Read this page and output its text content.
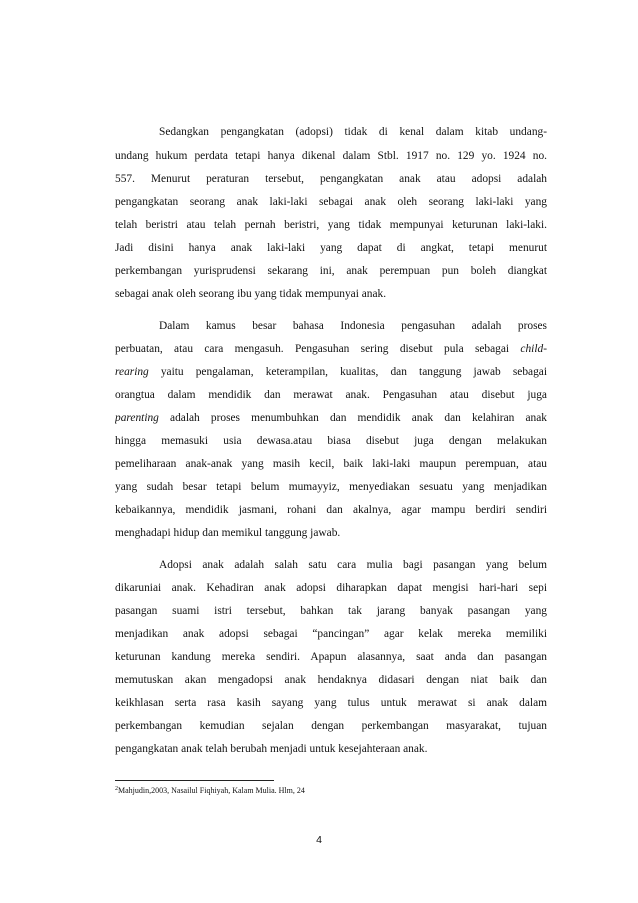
Sedangkan pengangkatan (adopsi) tidak di kenal dalam kitab undang-
undang hukum perdata tetapi hanya dikenal dalam Stbl. 1917 no. 129 yo. 1924 no.
557. Menurut peraturan tersebut, pengangkatan anak atau adopsi adalah
pengangkatan seorang anak laki-laki sebagai anak oleh seorang laki-laki yang
telah beristri atau telah pernah beristri, yang tidak mempunyai keturunan laki-laki.
Jadi disini hanya anak laki-laki yang dapat di angkat, tetapi menurut
perkembangan yurisprudensi sekarang ini, anak perempuan pun boleh diangkat
sebagai anak oleh seorang ibu yang tidak mempunyai anak.
Dalam kamus besar bahasa Indonesia pengasuhan adalah proses
perbuatan, atau cara mengasuh. Pengasuhan sering disebut pula sebagai child-
rearing yaitu pengalaman, keterampilan, kualitas, dan tanggung jawab sebagai
orangtua dalam mendidik dan merawat anak. Pengasuhan atau disebut juga
parenting adalah proses menumbuhkan dan mendidik anak dan kelahiran anak
hingga memasuki usia dewasa.atau biasa disebut juga dengan melakukan
pemeliharaan anak-anak yang masih kecil, baik laki-laki maupun perempuan, atau
yang sudah besar tetapi belum mumayyiz, menyediakan sesuatu yang menjadikan
kebaikannya, mendidik jasmani, rohani dan akalnya, agar mampu berdiri sendiri
menghadapi hidup dan memikul tanggung jawab.
Adopsi anak adalah salah satu cara mulia bagi pasangan yang belum
dikaruniai anak. Kehadiran anak adopsi diharapkan dapat mengisi hari-hari sepi
pasangan suami istri tersebut, bahkan tak jarang banyak pasangan yang
menjadikan anak adopsi sebagai “pancingan” agar kelak mereka memiliki
keturunan kandung mereka sendiri. Apapun alasannya, saat anda dan pasangan
memutuskan akan mengadopsi anak hendaknya didasari dengan niat baik dan
keikhlasan serta rasa kasih sayang yang tulus untuk merawat si anak dalam
perkembangan kemudian sejalan dengan perkembangan masyarakat, tujuan
pengangkatan anak telah berubah menjadi untuk kesejahteraan anak.
$^2$Mahjudin,2003, Nasailul Fiqhiyah, Kalam Mulia. Hlm, 24
4
